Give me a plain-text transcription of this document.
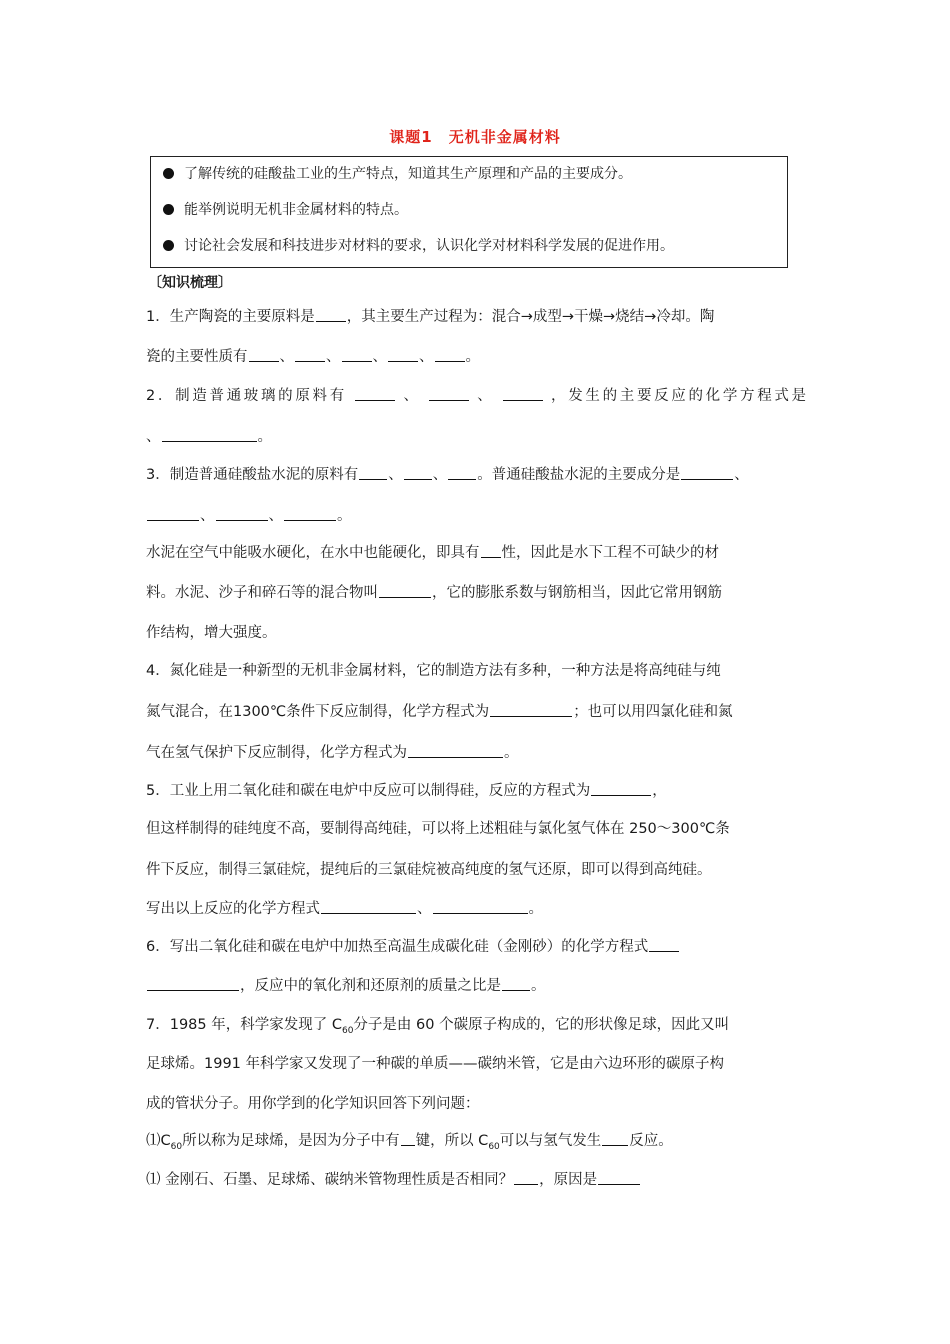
课题1　无机非金属材料
了解传统的硅酸盐工业的生产特点，知道其生产原理和产品的主要成分。
能举例说明无机非金属材料的特点。
讨论社会发展和科技进步对材料的要求，认识化学对材料科学发展的促进作用。
〔知识梳理〕
1．生产陶瓷的主要原料是 ，其主要生产过程为：混合→成型→干燥→烧结→冷却。陶
瓷的主要性质有 、 、 、 、 。
2．制造普通玻璃的原料有	、	、	，发生的主要反应的化学方程式是
、	。
3．制造普通硅酸盐水泥的原料有 、 、 。普通硅酸盐水泥的主要成分是	、
、	、	。
水泥在空气中能吸水硬化，在水中也能硬化，即具有 性，因此是水下工程不可缺少的材
料。水泥、沙子和碎石等的混合物叫	，它的膨胀系数与钢筋相当，因此它常用钢筋
作结构，增大强度。
4．氮化硅是一种新型的无机非金属材料，它的制造方法有多种，一种方法是将高纯硅与纯
氮气混合，在1300℃条件下反应制得，化学方程式为	；也可以用四氯化硅和氮
气在氢气保护下反应制得，化学方程式为	。
5．工业上用二氧化硅和碳在电炉中反应可以制得硅，反应的方程式为	，
但这样制得的硅纯度不高，要制得高纯硅，可以将上述粗硅与氯化氢气体在 250～300℃条
件下反应，制得三氯硅烷，提纯后的三氯硅烷被高纯度的氢气还原，即可以得到高纯硅。
写出以上反应的化学方程式	、	。
6．写出二氧化硅和碳在电炉中加热至高温生成碳化硅（金刚砂）的化学方程式
，反应中的氧化剂和还原剂的质量之比是 。
7．1985 年，科学家发现了 $C_{60}$分子是由 60 个碳原子构成的，它的形状像足球，因此又叫
足球烯。1991 年科学家又发现了一种碳的单质——碳纳米管，它是由六边环形的碳原子构
成的管状分子。用你学到的化学知识回答下列问题：
$⑴C_{60}$所以称为足球烯，是因为分子中有 键，所以 $C_{60}$可以与氢气发生 反应。
⑴ 金刚石、石墨、足球烯、碳纳米管物理性质是否相同？ ，原因是
